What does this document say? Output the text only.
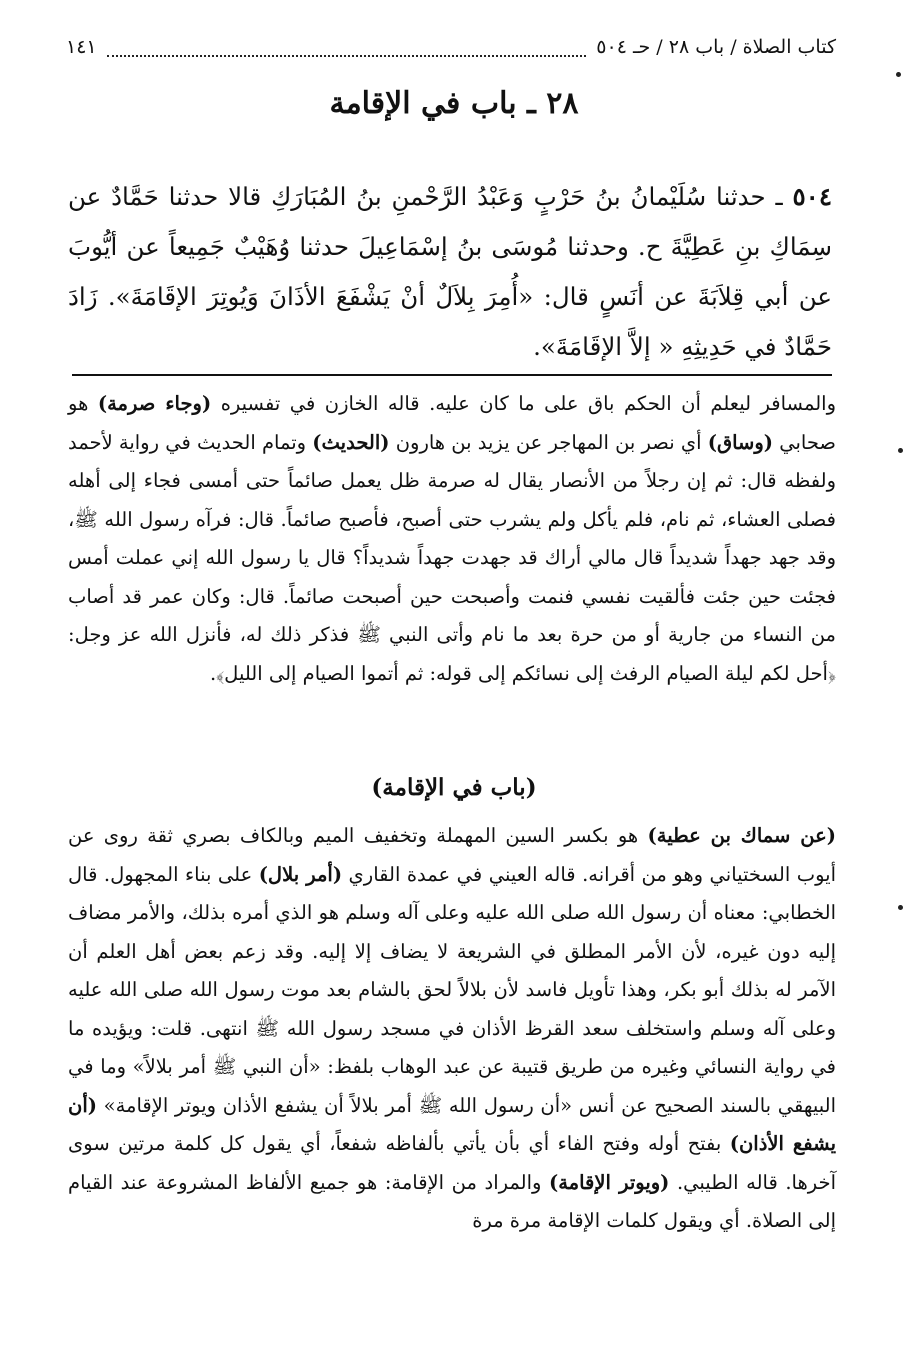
كتاب الصلاة / باب ٢٨ / حـ ٥٠٤
١٤١
٢٨ ـ باب في الإقامة
٥٠٤ ـ حدثنا سُلَيْمانُ بنُ حَرْبٍ وَعَبْدُ الرَّحْمنِ بنُ المُبَارَكِ قالا حدثنا حَمَّادٌ عن سِمَاكِ بنِ عَطِيَّةَ ح. وحدثنا مُوسَى بنُ إسْمَاعِيلَ حدثنا وُهَيْبٌ جَمِيعاً عن أيُّوبَ عن أبي قِلاَبَةَ عن أنَسٍ قال: «أُمِرَ بِلاَلٌ أنْ يَشْفَعَ الأذَانَ وَيُوتِرَ الإقَامَةَ». زَادَ حَمَّادٌ في حَدِيثِهِ « إلاَّ الإقَامَةَ».
والمسافر ليعلم أن الحكم باق على ما كان عليه. قاله الخازن في تفسيره (وجاء صرمة) هو صحابي (وساق) أي نصر بن المهاجر عن يزيد بن هارون (الحديث) وتمام الحديث في رواية لأحمد ولفظه قال: ثم إن رجلاً من الأنصار يقال له صرمة ظل يعمل صائماً حتى أمسى فجاء إلى أهله فصلى العشاء، ثم نام، فلم يأكل ولم يشرب حتى أصبح، فأصبح صائماً. قال: فرآه رسول الله ﷺ، وقد جهد جهداً شديداً قال مالي أراك قد جهدت جهداً شديداً؟ قال يا رسول الله إني عملت أمس فجئت حين جئت فألقيت نفسي فنمت وأصبحت حين أصبحت صائماً. قال: وكان عمر قد أصاب من النساء من جارية أو من حرة بعد ما نام وأتى النبي ﷺ فذكر ذلك له، فأنزل الله عز وجل: ﴿أحل لكم ليلة الصيام الرفث إلى نسائكم إلى قوله: ثم أتموا الصيام إلى الليل﴾.
(باب في الإقامة)
(عن سماك بن عطية) هو بكسر السين المهملة وتخفيف الميم وبالكاف بصري ثقة روى عن أيوب السختياني وهو من أقرانه. قاله العيني في عمدة القاري (أمر بلال) على بناء المجهول. قال الخطابي: معناه أن رسول الله صلى الله عليه وعلى آله وسلم هو الذي أمره بذلك، والأمر مضاف إليه دون غيره، لأن الأمر المطلق في الشريعة لا يضاف إلا إليه. وقد زعم بعض أهل العلم أن الآمر له بذلك أبو بكر، وهذا تأويل فاسد لأن بلالاً لحق بالشام بعد موت رسول الله صلى الله عليه وعلى آله وسلم واستخلف سعد القرظ الأذان في مسجد رسول الله ﷺ انتهى. قلت: ويؤيده ما في رواية النسائي وغيره من طريق قتيبة عن عبد الوهاب بلفظ: «أن النبي ﷺ أمر بلالاً» وما في البيهقي بالسند الصحيح عن أنس «أن رسول الله ﷺ أمر بلالاً أن يشفع الأذان ويوتر الإقامة» (أن يشفع الأذان) بفتح أوله وفتح الفاء أي بأن يأتي بألفاظه شفعاً، أي يقول كل كلمة مرتين سوى آخرها. قاله الطيبي. (ويوتر الإقامة) والمراد من الإقامة: هو جميع الألفاظ المشروعة عند القيام إلى الصلاة. أي ويقول كلمات الإقامة مرة مرة
